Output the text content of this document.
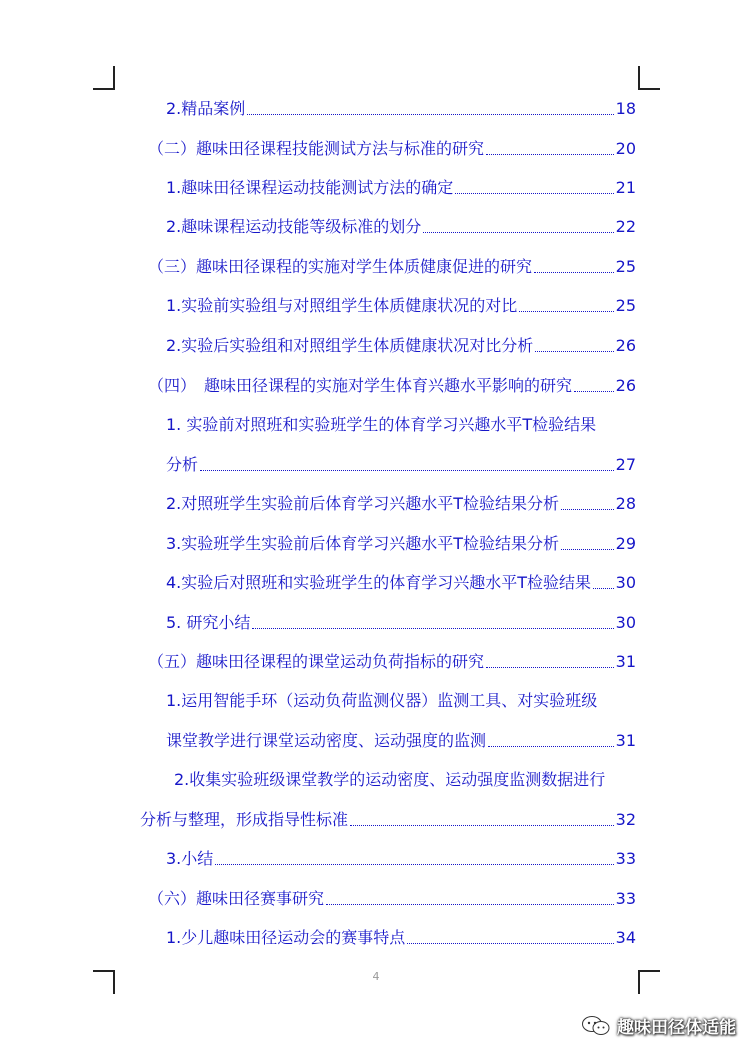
2.精品案例	18
（二）趣味田径课程技能测试方法与标准的研究	20
1.趣味田径课程运动技能测试方法的确定	21
2.趣味课程运动技能等级标准的划分	22
（三）趣味田径课程的实施对学生体质健康促进的研究	25
1.实验前实验组与对照组学生体质健康状况的对比	25
2.实验后实验组和对照组学生体质健康状况对比分析	26
（四）　趣味田径课程的实施对学生体育兴趣水平影响的研究	26
1. 实验前对照班和实验班学生的体育学习兴趣水平T检验结果
分析	27
2.对照班学生实验前后体育学习兴趣水平T检验结果分析	28
3.实验班学生实验前后体育学习兴趣水平T检验结果分析	29
4.实验后对照班和实验班学生的体育学习兴趣水平T检验结果 30
5. 研究小结	30
（五）趣味田径课程的课堂运动负荷指标的研究	31
1.运用智能手环（运动负荷监测仪器）监测工具、对实验班级
课堂教学进行课堂运动密度、运动强度的监测	31
2.收集实验班级课堂教学的运动密度、运动强度监测数据进行
分析与整理，形成指导性标准	32
3.小结	33
（六）趣味田径赛事研究	33
1.少儿趣味田径运动会的赛事特点	34
4
趣味田径体适能
